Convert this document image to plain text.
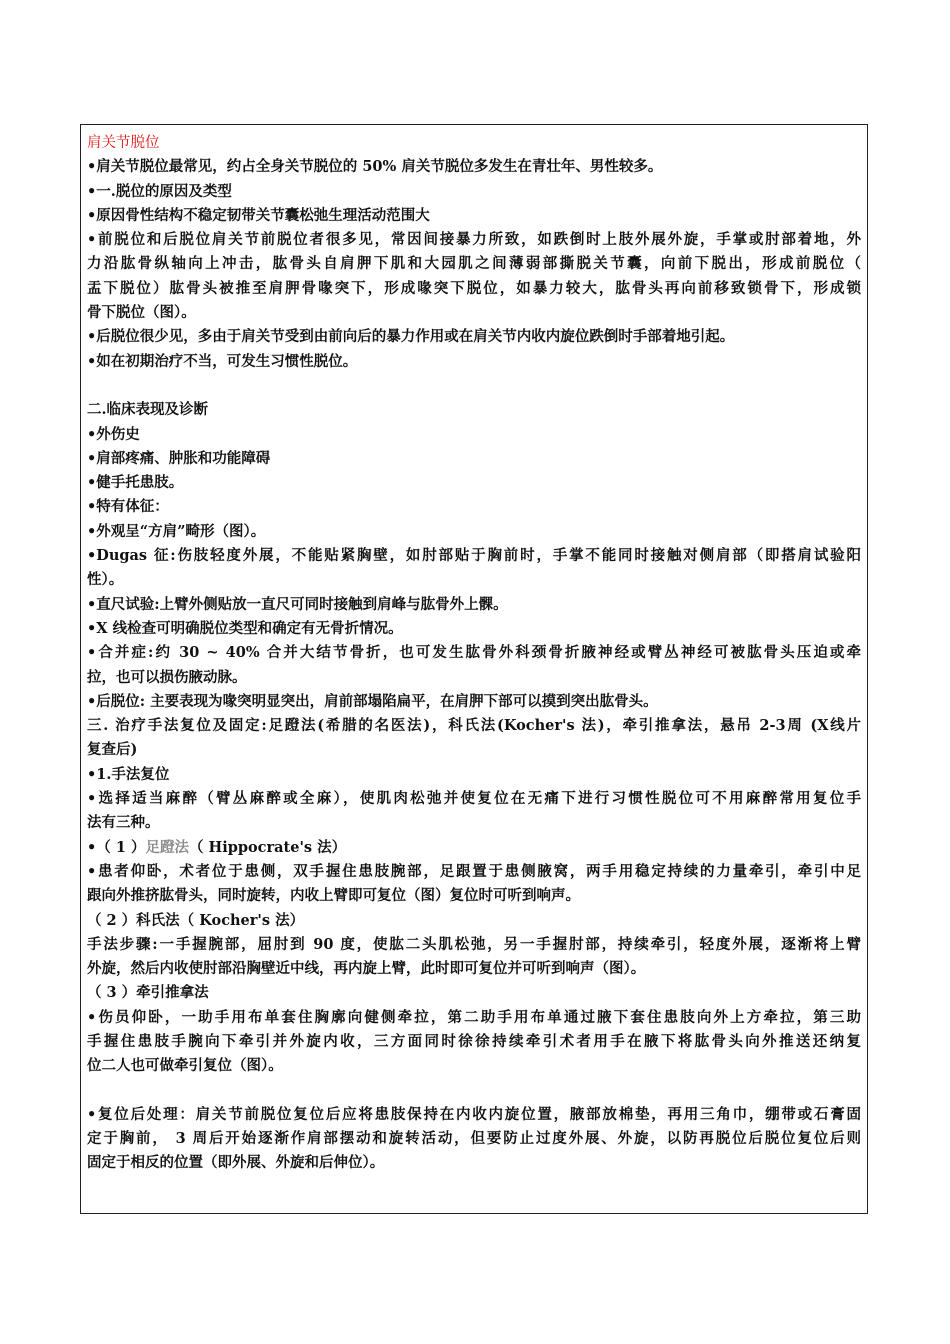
肩关节脱位
•肩关节脱位最常见，约占全身关节脱位的 50% 肩关节脱位多发生在青壮年、男性较多。
•一.脱位的原因及类型
•原因骨性结构不稳定韧带关节囊松弛生理活动范围大
•前脱位和后脱位肩关节前脱位者很多见，常因间接暴力所致，如跌倒时上肢外展外旋，手掌或肘部着地，外
力沿肱骨纵轴向上冲击，肱骨头自肩胛下肌和大园肌之间薄弱部撕脱关节囊，向前下脱出，形成前脱位（
盂下脱位）肱骨头被推至肩胛骨喙突下，形成喙突下脱位，如暴力较大，肱骨头再向前移致锁骨下，形成锁
骨下脱位（图）。
•后脱位很少见，多由于肩关节受到由前向后的暴力作用或在肩关节内收内旋位跌倒时手部着地引起。
•如在初期治疗不当，可发生习惯性脱位。
二.临床表现及诊断
•外伤史
•肩部疼痛、肿胀和功能障碍
•健手托患肢。
•特有体征：
•外观呈“方肩”畸形（图）。
•Dugas 征:伤肢轻度外展，不能贴紧胸壁，如肘部贴于胸前时，手掌不能同时接触对侧肩部（即搭肩试验阳
性）。
•直尺试验:上臂外侧贴放一直尺可同时接触到肩峰与肱骨外上髁。
•X 线检查可明确脱位类型和确定有无骨折情况。
•合并症:约 30 ~ 40% 合并大结节骨折，也可发生肱骨外科颈骨折腋神经或臂丛神经可被肱骨头压迫或牵
拉，也可以损伤腋动脉。
•后脱位: 主要表现为喙突明显突出，肩前部塌陷扁平，在肩胛下部可以摸到突出肱骨头。
三. 治疗手法复位及固定:足蹬法(希腊的名医法)，科氏法(Kocher's 法)，牵引推拿法，悬吊 2-3周 (X线片
复查后)
•1.手法复位
•选择适当麻醉（臂丛麻醉或全麻），使肌肉松弛并使复位在无痛下进行习惯性脱位可不用麻醉常用复位手
法有三种。
•（ 1 ）足蹬法（ Hippocrate's 法）
•患者仰卧，术者位于患侧，双手握住患肢腕部，足跟置于患侧腋窝，两手用稳定持续的力量牵引，牵引中足
跟向外推挤肱骨头，同时旋转，内收上臂即可复位（图）复位时可听到响声。
（ 2 ）科氏法（ Kocher's 法）
手法步骤:一手握腕部，屈肘到 90 度，使肱二头肌松弛，另一手握肘部，持续牵引，轻度外展，逐渐将上臂
外旋，然后内收使肘部沿胸壁近中线，再内旋上臂，此时即可复位并可听到响声（图）。
（ 3 ）牵引推拿法
•伤员仰卧，一助手用布单套住胸廓向健侧牵拉，第二助手用布单通过腋下套住患肢向外上方牵拉，第三助
手握住患肢手腕向下牵引并外旋内收，三方面同时徐徐持续牵引术者用手在腋下将肱骨头向外推送还纳复
位二人也可做牵引复位（图）。
•复位后处理：肩关节前脱位复位后应将患肢保持在内收内旋位置，腋部放棉垫，再用三角巾，绷带或石膏固
定于胸前， 3 周后开始逐渐作肩部摆动和旋转活动，但要防止过度外展、外旋，以防再脱位后脱位复位后则
固定于相反的位置（即外展、外旋和后伸位）。
